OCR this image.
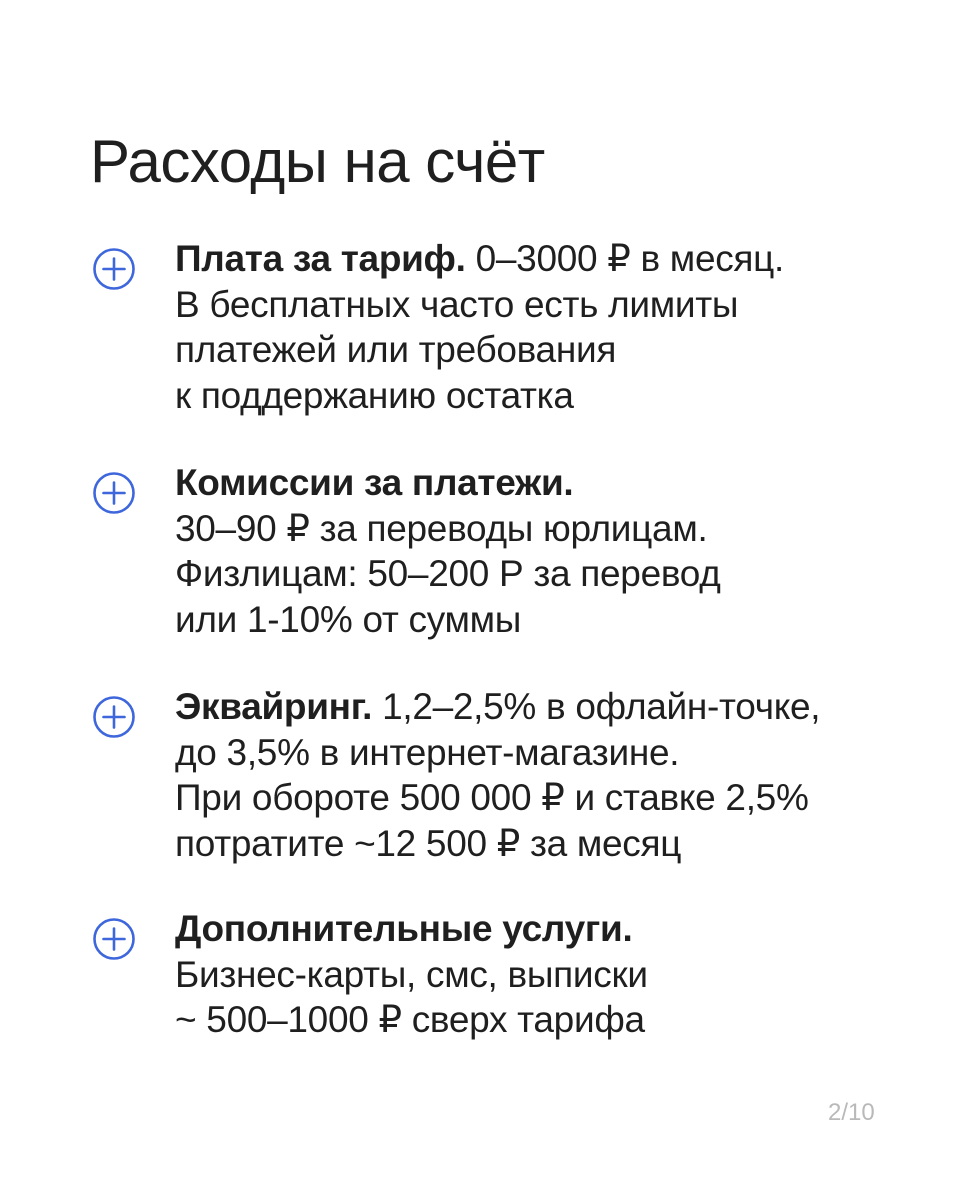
Расходы на счёт
Плата за тариф. 0–3000 ₽ в месяц.
В бесплатных часто есть лимиты
платежей или требования
к поддержанию остатка
Комиссии за платежи.
30–90 ₽ за переводы юрлицам.
Физлицам: 50–200 Р за перевод
или 1-10% от суммы
Эквайринг. 1,2–2,5% в офлайн-точке,
до 3,5% в интернет-магазине.
При обороте 500 000 ₽ и ставке 2,5%
потратите ~12 500 ₽ за месяц
Дополнительные услуги.
Бизнес-карты, смс, выписки
~ 500–1000 ₽ сверх тарифа
2/10
